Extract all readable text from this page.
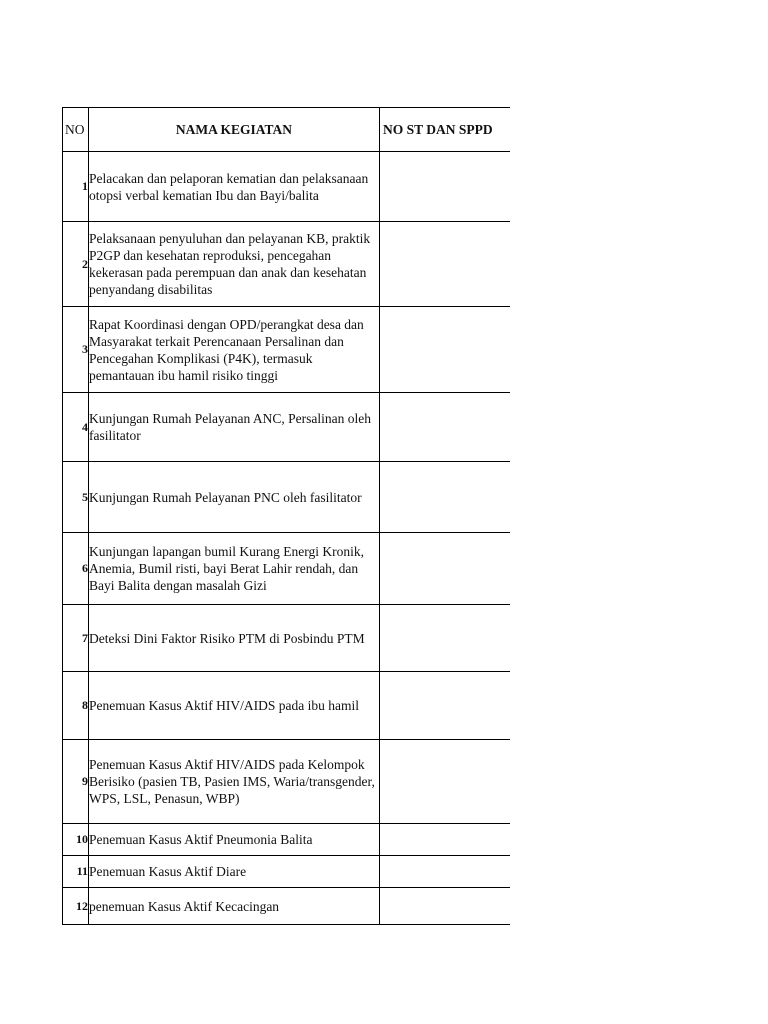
NO	NAMA KEGIATAN	NO ST DAN SPPD
1	Pelacakan dan pelaporan kematian dan pelaksanaan otopsi verbal kematian Ibu dan Bayi/balita	
2	Pelaksanaan penyuluhan dan pelayanan KB, praktik P2GP dan kesehatan reproduksi, pencegahan kekerasan pada perempuan dan anak dan kesehatan penyandang disabilitas	
3	Rapat Koordinasi dengan OPD/perangkat desa dan Masyarakat terkait Perencanaan Persalinan dan Pencegahan Komplikasi (P4K), termasuk pemantauan ibu hamil risiko tinggi	
4	Kunjungan Rumah Pelayanan ANC, Persalinan oleh fasilitator	
5	Kunjungan Rumah Pelayanan PNC oleh fasilitator	
6	Kunjungan lapangan bumil Kurang Energi Kronik, Anemia, Bumil risti, bayi Berat Lahir rendah, dan Bayi Balita dengan masalah Gizi	
7	Deteksi Dini Faktor Risiko PTM di Posbindu PTM	
8	Penemuan Kasus Aktif HIV/AIDS pada ibu hamil	
9	Penemuan Kasus Aktif HIV/AIDS pada Kelompok Berisiko (pasien TB, Pasien IMS, Waria/transgender, WPS, LSL, Penasun, WBP)	
10	Penemuan Kasus Aktif Pneumonia Balita	
11	Penemuan Kasus Aktif Diare	
12	penemuan Kasus Aktif Kecacingan	
